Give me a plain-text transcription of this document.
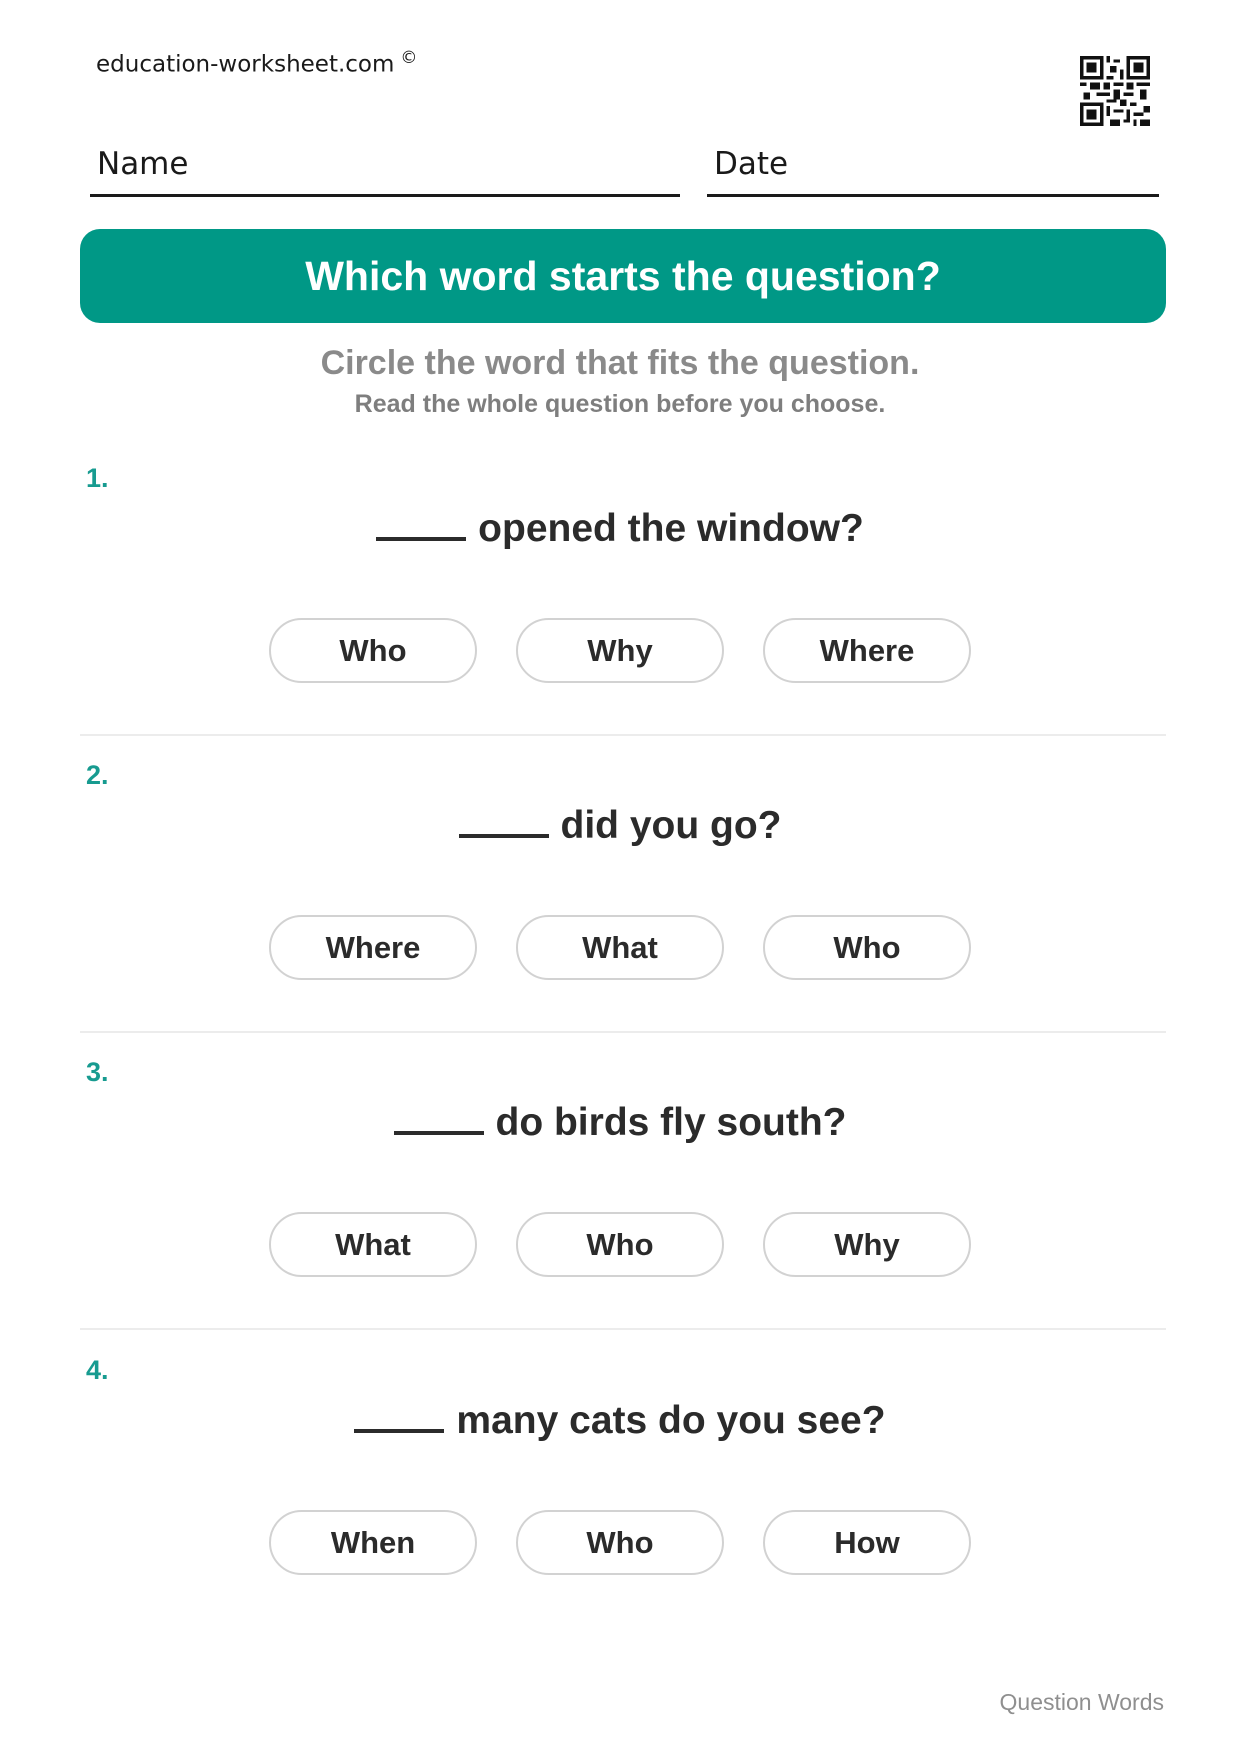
education-worksheet.com ©
Name	Date
Which word starts the question?
Circle the word that fits the question.
Read the whole question before you choose.
1.
opened the window?
Who	Why	Where
2.
did you go?
Where	What	Who
3.
do birds fly south?
What	Who	Why
4.
many cats do you see?
When	Who	How
Question Words
